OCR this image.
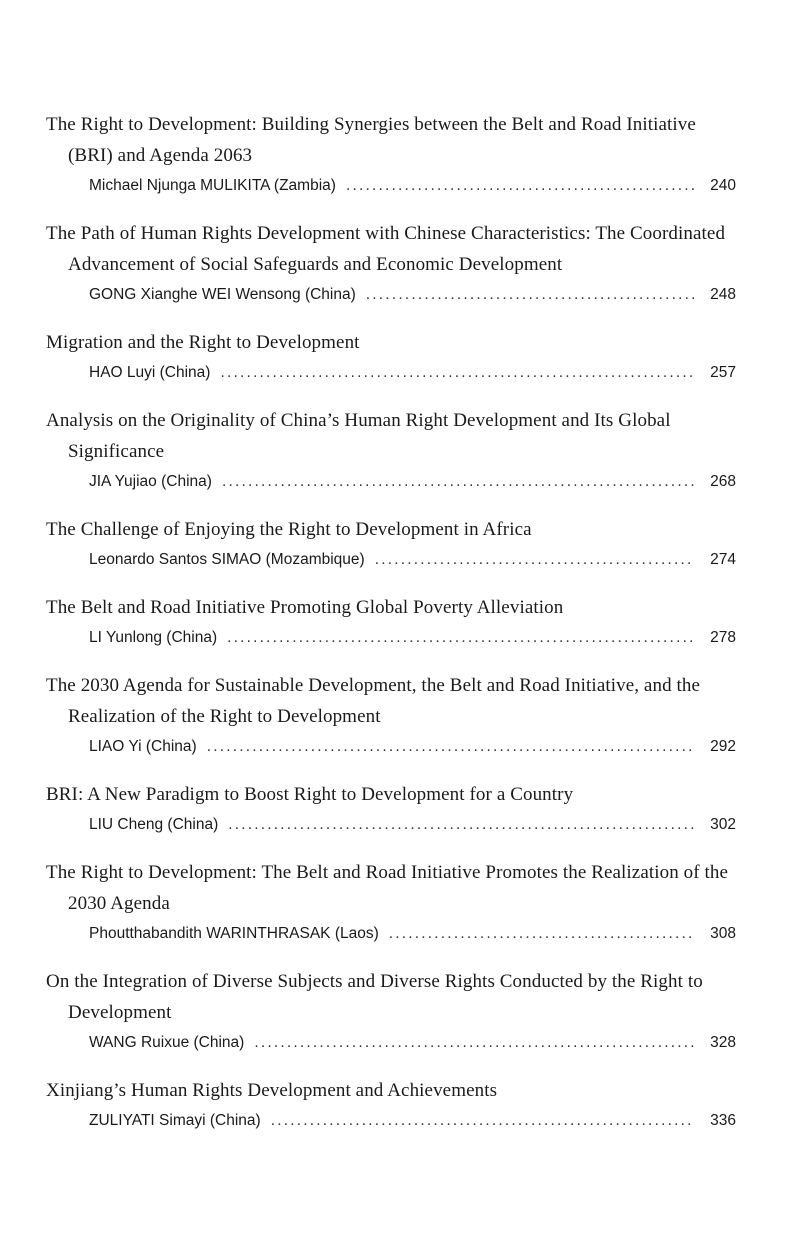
The Right to Development: Building Synergies between the Belt and Road Initiative (BRI) and Agenda 2063
Michael Njunga MULIKITA (Zambia) .....	240
The Path of Human Rights Development with Chinese Characteristics: The Coordinated Advancement of Social Safeguards and Economic Development
GONG Xianghe WEI Wensong (China) .....	248
Migration and the Right to Development
HAO Luyi (China) .....	257
Analysis on the Originality of China’s Human Right Development and Its Global Significance
JIA Yujiao (China) .....	268
The Challenge of Enjoying the Right to Development in Africa
Leonardo Santos SIMAO (Mozambique) .....	274
The Belt and Road Initiative Promoting Global Poverty Alleviation
LI Yunlong (China) .....	278
The 2030 Agenda for Sustainable Development, the Belt and Road Initiative, and the Realization of the Right to Development
LIAO Yi (China) .....	292
BRI: A New Paradigm to Boost Right to Development for a Country
LIU Cheng (China) .....	302
The Right to Development: The Belt and Road Initiative Promotes the Realization of the 2030 Agenda
Phoutthabandith WARINTHRASAK (Laos) .....	308
On the Integration of Diverse Subjects and Diverse Rights Conducted by the Right to Development
WANG Ruixue (China) .....	328
Xinjiang’s Human Rights Development and Achievements
ZULIYATI Simayi (China) .....	336
